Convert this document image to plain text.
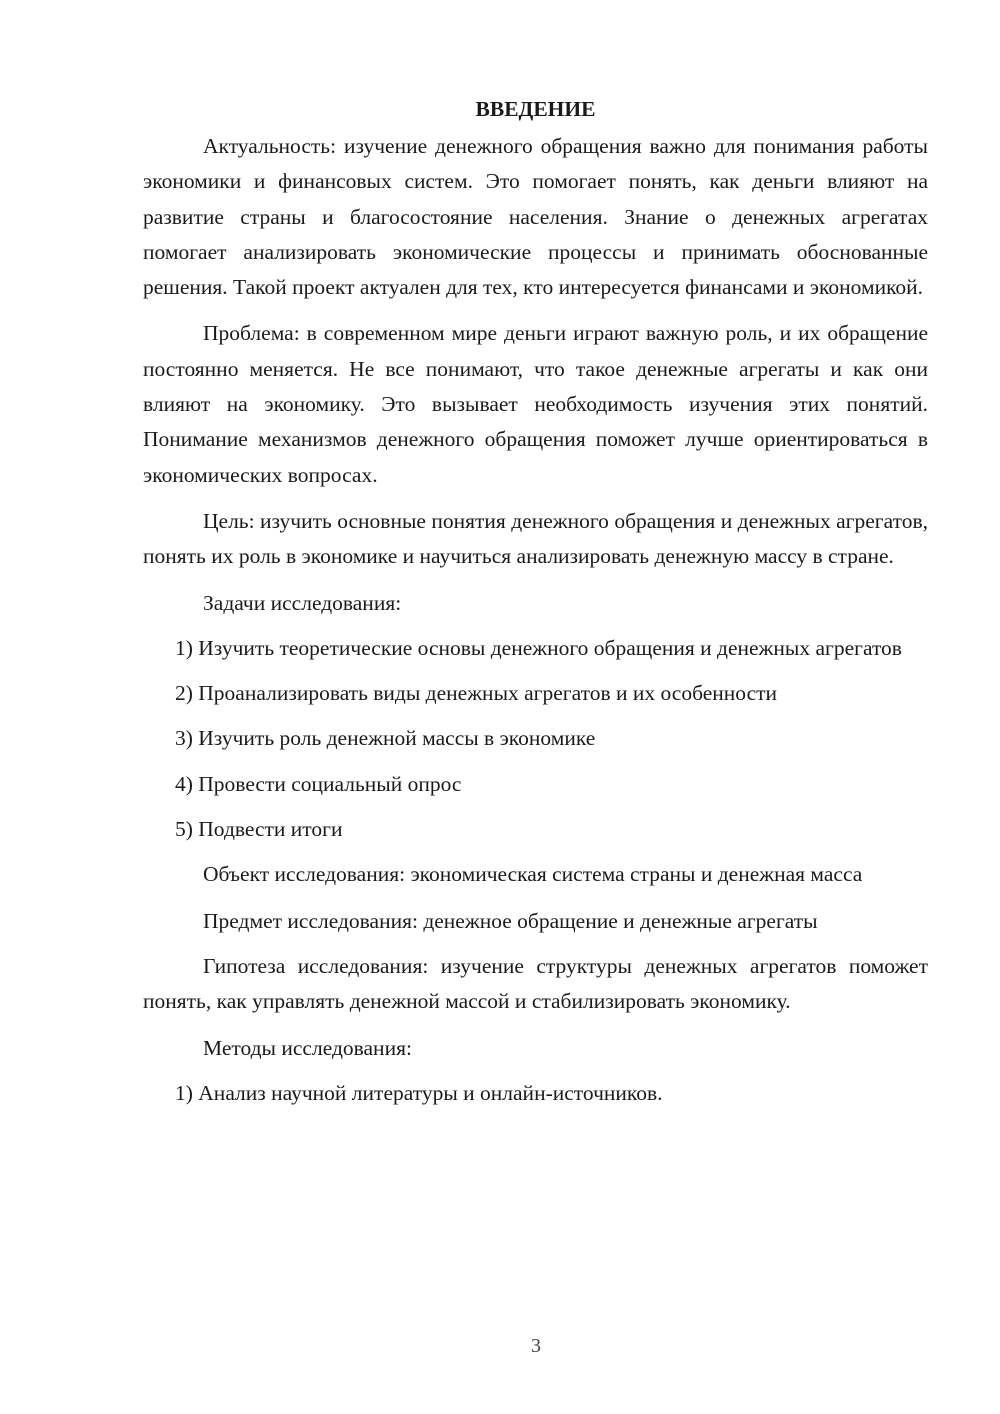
ВВЕДЕНИЕ

Актуальность: изучение денежного обращения важно для понимания работы экономики и финансовых систем. Это помогает понять, как деньги влияют на развитие страны и благосостояние населения. Знание о денежных агрегатах помогает анализировать экономические процессы и принимать обоснованные решения. Такой проект актуален для тех, кто интересуется финансами и экономикой.

Проблема: в современном мире деньги играют важную роль, и их обращение постоянно меняется. Не все понимают, что такое денежные агрегаты и как они влияют на экономику. Это вызывает необходимость изучения этих понятий. Понимание механизмов денежного обращения поможет лучше ориентироваться в экономических вопросах.

Цель: изучить основные понятия денежного обращения и денежных агрегатов, понять их роль в экономике и научиться анализировать денежную массу в стране.

Задачи исследования:

1) Изучить теоретические основы денежного обращения и денежных агрегатов

2) Проанализировать виды денежных агрегатов и их особенности

3) Изучить роль денежной массы в экономике

4) Провести социальный опрос

5) Подвести итоги

Объект исследования: экономическая система страны и денежная масса

Предмет исследования: денежное обращение и денежные агрегаты

Гипотеза исследования: изучение структуры денежных агрегатов поможет понять, как управлять денежной массой и стабилизировать экономику.

Методы исследования:

1) Анализ научной литературы и онлайн-источников.

3
